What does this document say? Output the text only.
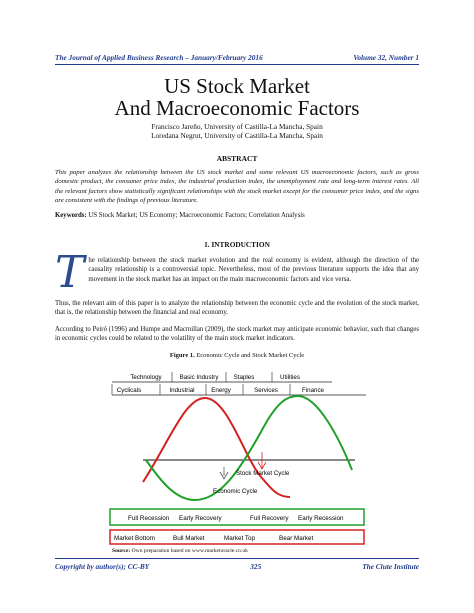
The Journal of Applied Business Research – January/February 2016	Volume 32, Number 1
US Stock Market
And Macroeconomic Factors
Francisco Jareño, University of Castilla-La Mancha, Spain
Loredana Negrut, University of Castilla-La Mancha, Spain
ABSTRACT
This paper analyzes the relationship between the US stock market and some relevant US macroeconomic factors, such as gross domestic product, the consumer price index, the industrial production index, the unemployment rate and long-term interest rates. All the relevant factors show statistically significant relationships with the stock market except for the consumer price index, and the signs are consistent with the findings of previous literature.
Keywords: US Stock Market; US Economy; Macroeconomic Factors; Correlation Analysis
1. INTRODUCTION
The relationship between the stock market evolution and the real economy is evident, although the direction of the causality relationship is a controversial topic. Nevertheless, most of the previous literature supports the idea that any movement in the stock market has an impact on the main macroeconomic factors and vice versa.
Thus, the relevant aim of this paper is to analyze the relationship between the economic cycle and the evolution of the stock market, that is, the relationship between the financial and real economy.
According to Peiró (1996) and Humpe and Macmillan (2009), the stock market may anticipate economic behavior, such that changes in economic cycles could be related to the volatility of the main stock market indicators.
Figure 1. Economic Cycle and Stock Market Cycle
Technology	Basic Industry Staples	Utilities
Cyclicals	Industrial	Energy	Services	Finance
Stock Market Cycle
Economic Cycle
Full Recession Early Recovery	Full Recovery Early Recession
Market Bottom	Bull Market	Market Top	Bear Market
Source: Own preparation based on www.marketoracle.co.uk
Copyright by author(s); CC-BY	325	The Clute Institute
